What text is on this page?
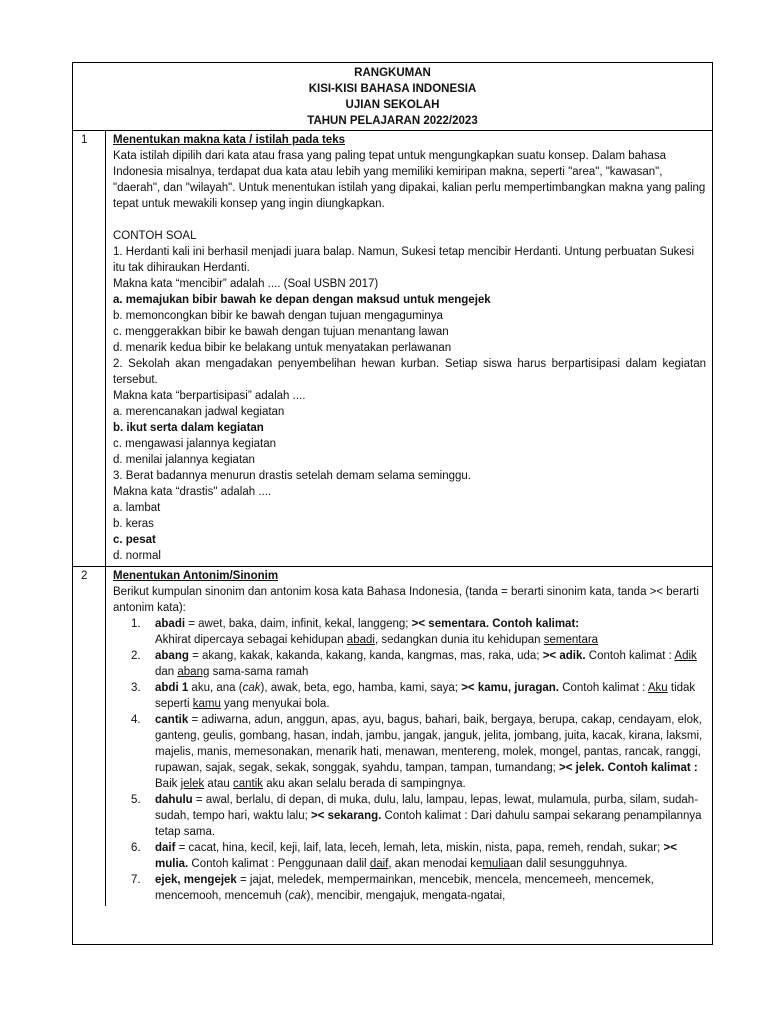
RANGKUMAN
KISI-KISI BAHASA INDONESIA
UJIAN SEKOLAH
TAHUN PELAJARAN 2022/2023
1	Menentukan makna kata / istilah pada teks

Kata istilah dipilih dari kata atau frasa yang paling tepat untuk mengungkapkan suatu konsep. Dalam bahasa Indonesia misalnya, terdapat dua kata atau lebih yang memiliki kemiripan makna, seperti "area", "kawasan", "daerah", dan "wilayah". Untuk menentukan istilah yang dipakai, kalian perlu mempertimbangkan makna yang paling tepat untuk mewakili konsep yang ingin diungkapkan.

CONTOH SOAL
1. Herdanti kali ini berhasil menjadi juara balap. Namun, Sukesi tetap mencibir Herdanti. Untung perbuatan Sukesi itu tak dihiraukan Herdanti.
Makna kata “mencibir” adalah .... (Soal USBN 2017)
a. memajukan bibir bawah ke depan dengan maksud untuk mengejek
b. memoncongkan bibir ke bawah dengan tujuan mengaguminya
c. menggerakkan bibir ke bawah dengan tujuan menantang lawan
d. menarik kedua bibir ke belakang untuk menyatakan perlawanan
2. Sekolah akan mengadakan penyembelihan hewan kurban. Setiap siswa harus berpartisipasi dalam kegiatan tersebut.
Makna kata “berpartisipasi” adalah ....
a. merencanakan jadwal kegiatan
b. ikut serta dalam kegiatan
c. mengawasi jalannya kegiatan
d. menilai jalannya kegiatan
3. Berat badannya menurun drastis setelah demam selama seminggu.
Makna kata “drastis" adalah ....
a. lambat
b. keras
c. pesat
d. normal
2	Menentukan Antonim/Sinonim

Berikut kumpulan sinonim dan antonim kosa kata Bahasa Indonesia, (tanda = berarti sinonim kata, tanda >< berarti antonim kata):

1. abadi = awet, baka, daim, infinit, kekal, langgeng; >< sementara. Contoh kalimat:
Akhirat dipercaya sebagai kehidupan abadi, sedangkan dunia itu kehidupan sementara
2. abang = akang, kakak, kakanda, kakang, kanda, kangmas, mas, raka, uda; >< adik. Contoh kalimat : Adik dan abang sama-sama ramah
3. abdi 1 aku, ana (cak), awak, beta, ego, hamba, kami, saya; >< kamu, juragan. Contoh kalimat : Aku tidak seperti kamu yang menyukai bola.
4. cantik = adiwarna, adun, anggun, apas, ayu, bagus, bahari, baik, bergaya, berupa, cakap, cendayam, elok, ganteng, geulis, gombang, hasan, indah, jambu, jangak, janguk, jelita, jombang, juita, kacak, kirana, laksmi, majelis, manis, memesonakan, menarik hati, menawan, mentereng, molek, mongel, pantas, rancak, ranggi, rupawan, sajak, segak, sekak, songgak, syahdu, tampan, tampan, tumandang; >< jelek. Contoh kalimat :
Baik jelek atau cantik aku akan selalu berada di sampingnya.
5. dahulu = awal, berlalu, di depan, di muka, dulu, lalu, lampau, lepas, lewat, mulamula, purba, silam, sudah-sudah, tempo hari, waktu lalu; >< sekarang. Contoh kalimat : Dari dahulu sampai sekarang penampilannya tetap sama.
6. daif = cacat, hina, kecil, keji, laif, lata, leceh, lemah, leta, miskin, nista, papa, remeh, rendah, sukar; >< mulia. Contoh kalimat : Penggunaan dalil daif, akan menodai kemuliaan dalil sesungguhnya.
7. ejek, mengejek = jajat, meledek, mempermainkan, mencebik, mencela, mencemeeh, mencemek, mencemooh, mencemuh (cak), mencibir, mengajuk, mengata-ngatai,
